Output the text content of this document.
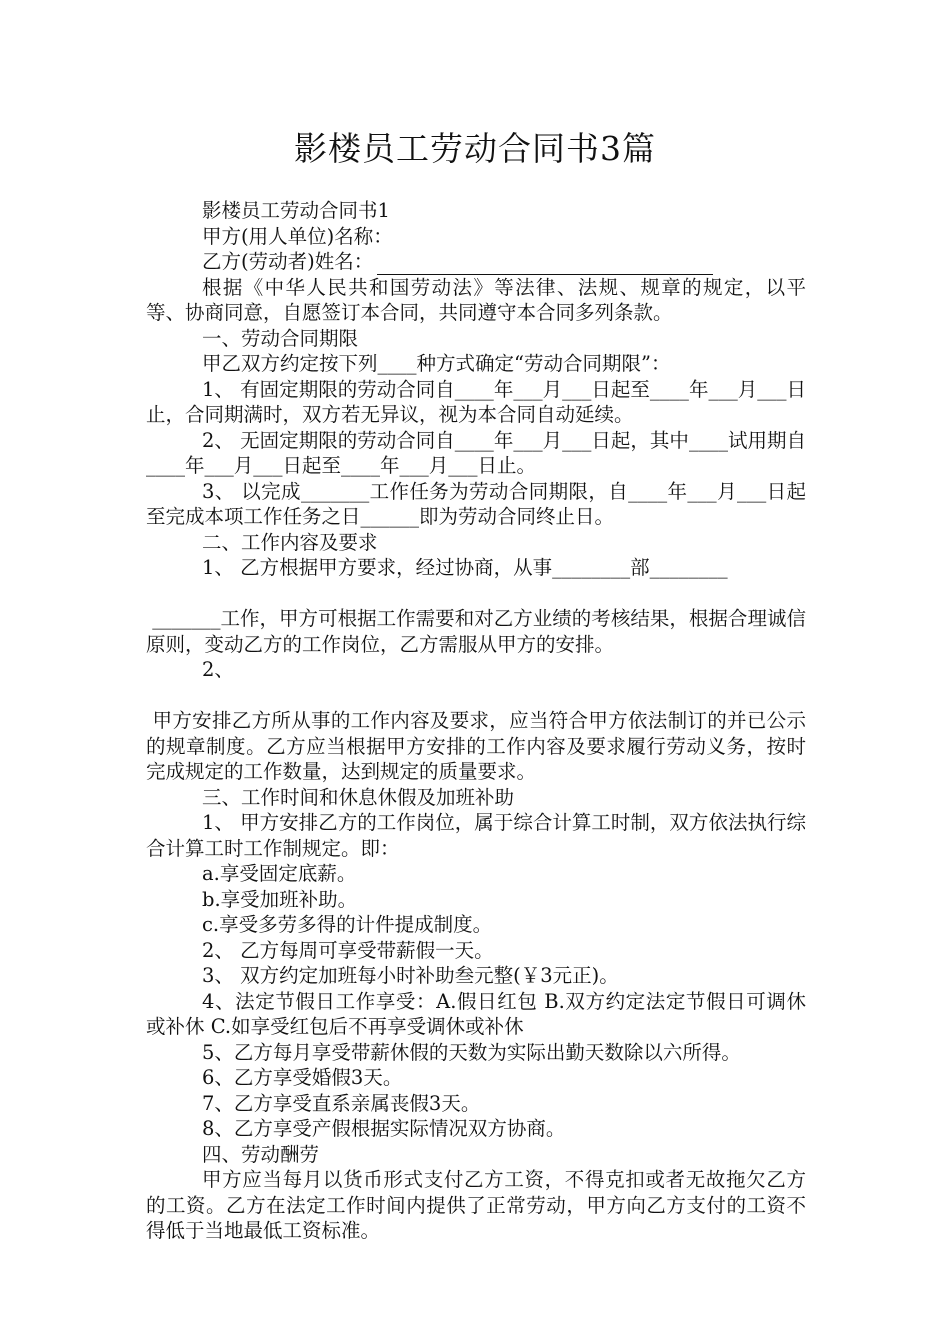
影楼员工劳动合同书3篇

影楼员工劳动合同书1

甲方(用人单位)名称：

乙方(劳动者)姓名：

根据《中华人民共和国劳动法》等法律、法规、规章的规定，以平等、协商同意，自愿签订本合同，共同遵守本合同多列条款。

一、劳动合同期限

甲乙双方约定按下列____种方式确定“劳动合同期限”：

1、 有固定期限的劳动合同自____年___月___日起至____年___月___日止，合同期满时，双方若无异议，视为本合同自动延续。

2、 无固定期限的劳动合同自____年___月___日起，其中____试用期自____年___月___日起至____年___月___日止。

3、 以完成_______工作任务为劳动合同期限，自____年___月___日起至完成本项工作任务之日______即为劳动合同终止日。

二、工作内容及要求

1、 乙方根据甲方要求，经过协商，从事________部________

_______工作，甲方可根据工作需要和对乙方业绩的考核结果，根据合理诚信原则，变动乙方的工作岗位，乙方需服从甲方的安排。

2、

甲方安排乙方所从事的工作内容及要求，应当符合甲方依法制订的并已公示的规章制度。乙方应当根据甲方安排的工作内容及要求履行劳动义务，按时完成规定的工作数量，达到规定的质量要求。

三、工作时间和休息休假及加班补助

1、 甲方安排乙方的工作岗位，属于综合计算工时制，双方依法执行综合计算工时工作制规定。即：

a.享受固定底薪。

b.享受加班补助。

c.享受多劳多得的计件提成制度。

2、 乙方每周可享受带薪假一天。

3、 双方约定加班每小时补助叁元整(￥3元正)。

4、法定节假日工作享受：A.假日红包 B.双方约定法定节假日可调休或补休 C.如享受红包后不再享受调休或补休

5、乙方每月享受带薪休假的天数为实际出勤天数除以六所得。

6、乙方享受婚假3天。

7、乙方享受直系亲属丧假3天。

8、乙方享受产假根据实际情况双方协商。

四、劳动酬劳

甲方应当每月以货币形式支付乙方工资，不得克扣或者无故拖欠乙方的工资。乙方在法定工作时间内提供了正常劳动，甲方向乙方支付的工资不得低于当地最低工资标准。
